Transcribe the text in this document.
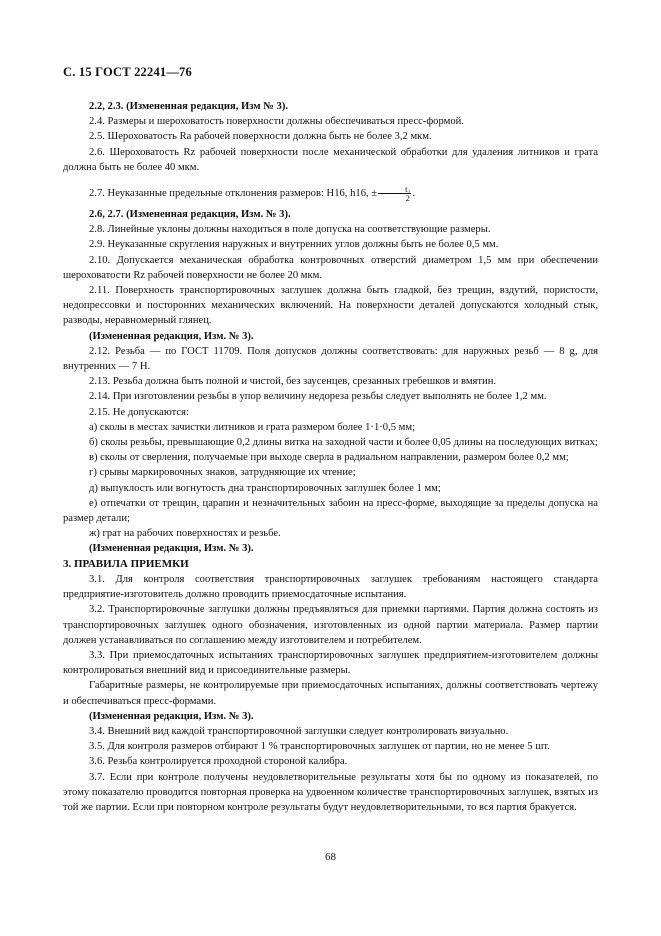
С. 15 ГОСТ 22241—76

2.2, 2.3. (Измененная редакция, Изм № 3).

2.4. Размеры и шероховатость поверхности должны обеспечиваться пресс-формой.

2.5. Шероховатость Ra рабочей поверхности должна быть не более 3,2 мкм.

2.6. Шероховатость Rz рабочей поверхности после механической обработки для удаления литников и грата должна быть не более 40 мкм.

2.7. Неуказанные предельные отклонения размеров: H16, h16, ± $\frac{\text{t₂}}{2}$ .

2.6, 2.7. (Измененная редакция, Изм. № 3).

2.8. Линейные уклоны должны находиться в поле допуска на соответствующие размеры.

2.9. Неуказанные скругления наружных и внутренних углов должны быть не более 0,5 мм.

2.10. Допускается механическая обработка контровочных отверстий диаметром 1,5 мм при обеспечении шероховатости Rz рабочей поверхности не более 20 мкм.

2.11. Поверхность транспортировочных заглушек должна быть гладкой, без трещин, вздутий, пористости, недопрессовки и посторонних механических включений. На поверхности деталей допускаются холодный стык, разводы, неравномерный глянец.

(Измененная редакция, Изм. № 3).

2.12. Резьба — по ГОСТ 11709. Поля допусков должны соответствовать: для наружных резьб — 8 g, для внутренних — 7 H.

2.13. Резьба должна быть полной и чистой, без заусенцев, срезанных гребешков и вмятин.

2.14. При изготовлении резьбы в упор величину недореза резьбы следует выполнять не более 1,2 мм.

2.15. Не допускаются:

а) сколы в местах зачистки литников и грата размером более 1·1·0,5 мм;

б) сколы резьбы, превышающие 0,2 длины витка на заходной части и более 0,05 длины на последующих витках;

в) сколы от сверления, получаемые при выходе сверла в радиальном направлении, размером более 0,2 мм;

г) срывы маркировочных знаков, затрудняющие их чтение;

д) выпуклость или вогнутость дна транспортировочных заглушек более 1 мм;

е) отпечатки от трещин, царапин и незначительных забоин на пресс-форме, выходящие за пределы допуска на размер детали;

ж) грат на рабочих поверхностях и резьбе.

(Измененная редакция, Изм. № 3).

3. ПРАВИЛА ПРИЕМКИ

3.1. Для контроля соответствия транспортировочных заглушек требованиям настоящего стандарта предприятие-изготовитель должно проводить приемосдаточные испытания.

3.2. Транспортировочные заглушки должны предъявляться для приемки партиями. Партия должна состоять из транспортировочных заглушек одного обозначения, изготовленных из одной партии материала. Размер партии должен устанавливаться по соглашению между изготовителем и потребителем.

3.3. При приемосдаточных испытаниях транспортировочных заглушек предприятием-изготовителем должны контролироваться внешний вид и присоединительные размеры.

Габаритные размеры, не контролируемые при приемосдаточных испытаниях, должны соответствовать чертежу и обеспечиваться пресс-формами.

(Измененная редакция, Изм. № 3).

3.4. Внешний вид каждой транспортировочной заглушки следует контролировать визуально.

3.5. Для контроля размеров отбирают 1 % транспортировочных заглушек от партии, но не менее 5 шт.

3.6. Резьба контролируется проходной стороной калибра.

3.7. Если при контроле получены неудовлетворительные результаты хотя бы по одному из показателей, по этому показателю проводится повторная проверка на удвоенном количестве транспортировочных заглушек, взятых из той же партии. Если при повторном контроле результаты будут неудовлетворительными, то вся партия бракуется.

68
